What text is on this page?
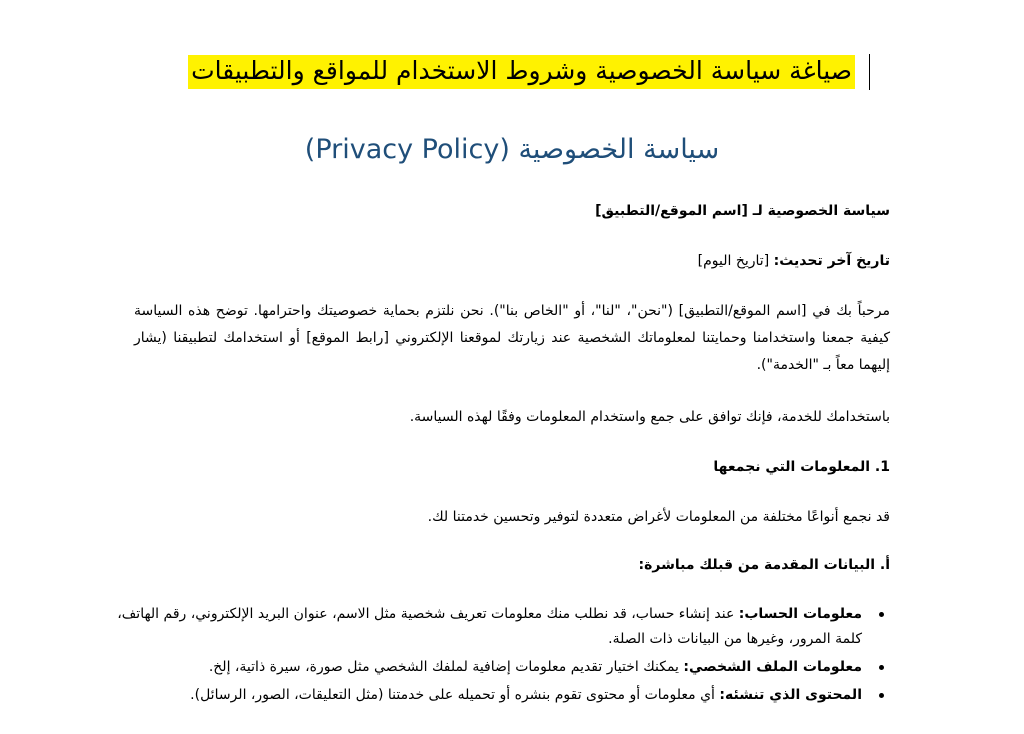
صياغة سياسة الخصوصية وشروط الاستخدام للمواقع والتطبيقات
سياسة الخصوصية (Privacy Policy)
سياسة الخصوصية لـ [اسم الموقع/التطبيق]
تاريخ آخر تحديث: [تاريخ اليوم]
مرحباً بك في [اسم الموقع/التطبيق] ("نحن"، "لنا"، أو "الخاص بنا"). نحن نلتزم بحماية خصوصيتك واحترامها. توضح هذه السياسة كيفية جمعنا واستخدامنا وحمايتنا لمعلوماتك الشخصية عند زيارتك لموقعنا الإلكتروني [رابط الموقع] أو استخدامك لتطبيقنا (يشار إليهما معاً بـ "الخدمة").
باستخدامك للخدمة، فإنك توافق على جمع واستخدام المعلومات وفقًا لهذه السياسة.
1. المعلومات التي نجمعها
قد نجمع أنواعًا مختلفة من المعلومات لأغراض متعددة لتوفير وتحسين خدمتنا لك.
أ. البيانات المقدمة من قبلك مباشرة:
معلومات الحساب: عند إنشاء حساب، قد نطلب منك معلومات تعريف شخصية مثل الاسم، عنوان البريد الإلكتروني، رقم الهاتف، كلمة المرور، وغيرها من البيانات ذات الصلة.
معلومات الملف الشخصي: يمكنك اختيار تقديم معلومات إضافية لملفك الشخصي مثل صورة، سيرة ذاتية، إلخ.
المحتوى الذي تنشئه: أي معلومات أو محتوى تقوم بنشره أو تحميله على خدمتنا (مثل التعليقات، الصور، الرسائل).
